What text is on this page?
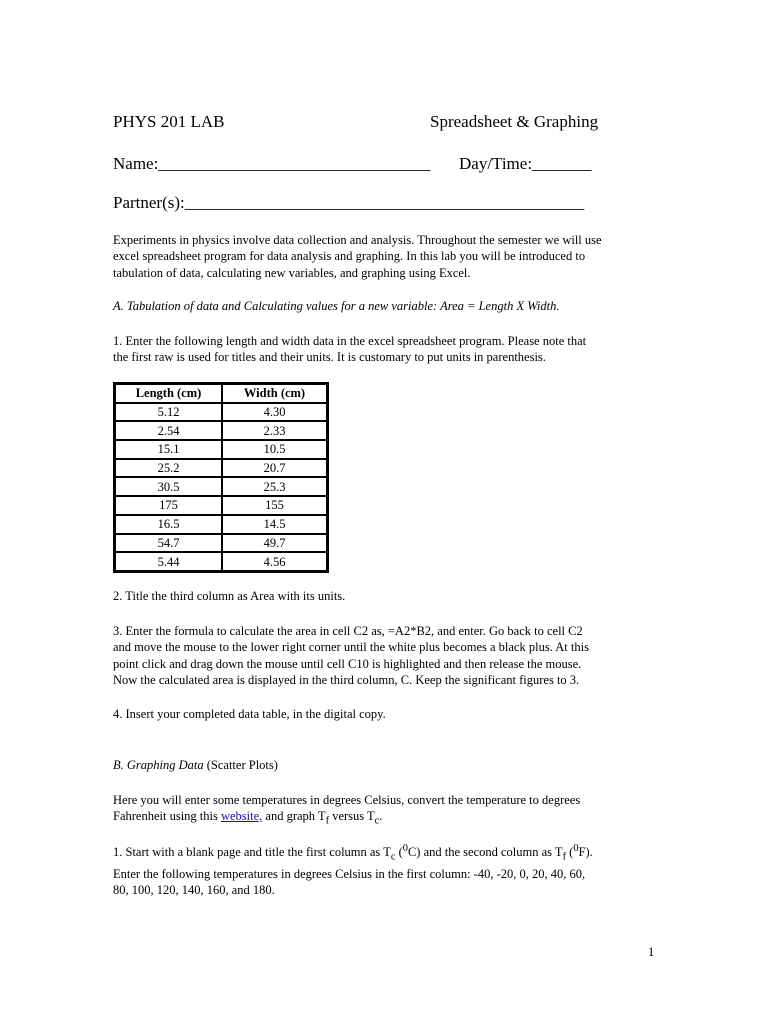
PHYS 201 LAB	Spreadsheet & Graphing
Name:________________________________ Day/Time:_______
Partner(s):_______________________________________________

Experiments in physics involve data collection and analysis. Throughout the semester we will use

excel spreadsheet program for data analysis and graphing. In this lab you will be introduced to

tabulation of data, calculating new variables, and graphing using Excel.

A. Tabulation of data and Calculating values for a new variable: Area = Length X Width.

1. Enter the following length and width data in the excel spreadsheet program. Please note that

the first raw is used for titles and their units. It is customary to put units in parenthesis.

Length (cm)	Width (cm)
5.12	4.30
2.54	2.33
15.1	10.5
25.2	20.7
30.5	25.3
175	155
16.5	14.5
54.7	49.7
5.44	4.56

2. Title the third column as Area with its units.

3. Enter the formula to calculate the area in cell C2 as, =A2*B2, and enter. Go back to cell C2

and move the mouse to the lower right corner until the white plus becomes a black plus. At this

point click and drag down the mouse until cell C10 is highlighted and then release the mouse.

Now the calculated area is displayed in the third column, C. Keep the significant figures to 3.

4. Insert your completed data table, in the digital copy.

B. Graphing Data (Scatter Plots)

Here you will enter some temperatures in degrees Celsius, convert the temperature to degrees

Fahrenheit using this website, and graph $T_f$ versus $T_c$.

1. Start with a blank page and title the first column as $T_c$ ($^0$C) and the second column as $T_f$ ($^0$F).

Enter the following temperatures in degrees Celsius in the first column: -40, -20, 0, 20, 40, 60,

80, 100, 120, 140, 160, and 180.

1
